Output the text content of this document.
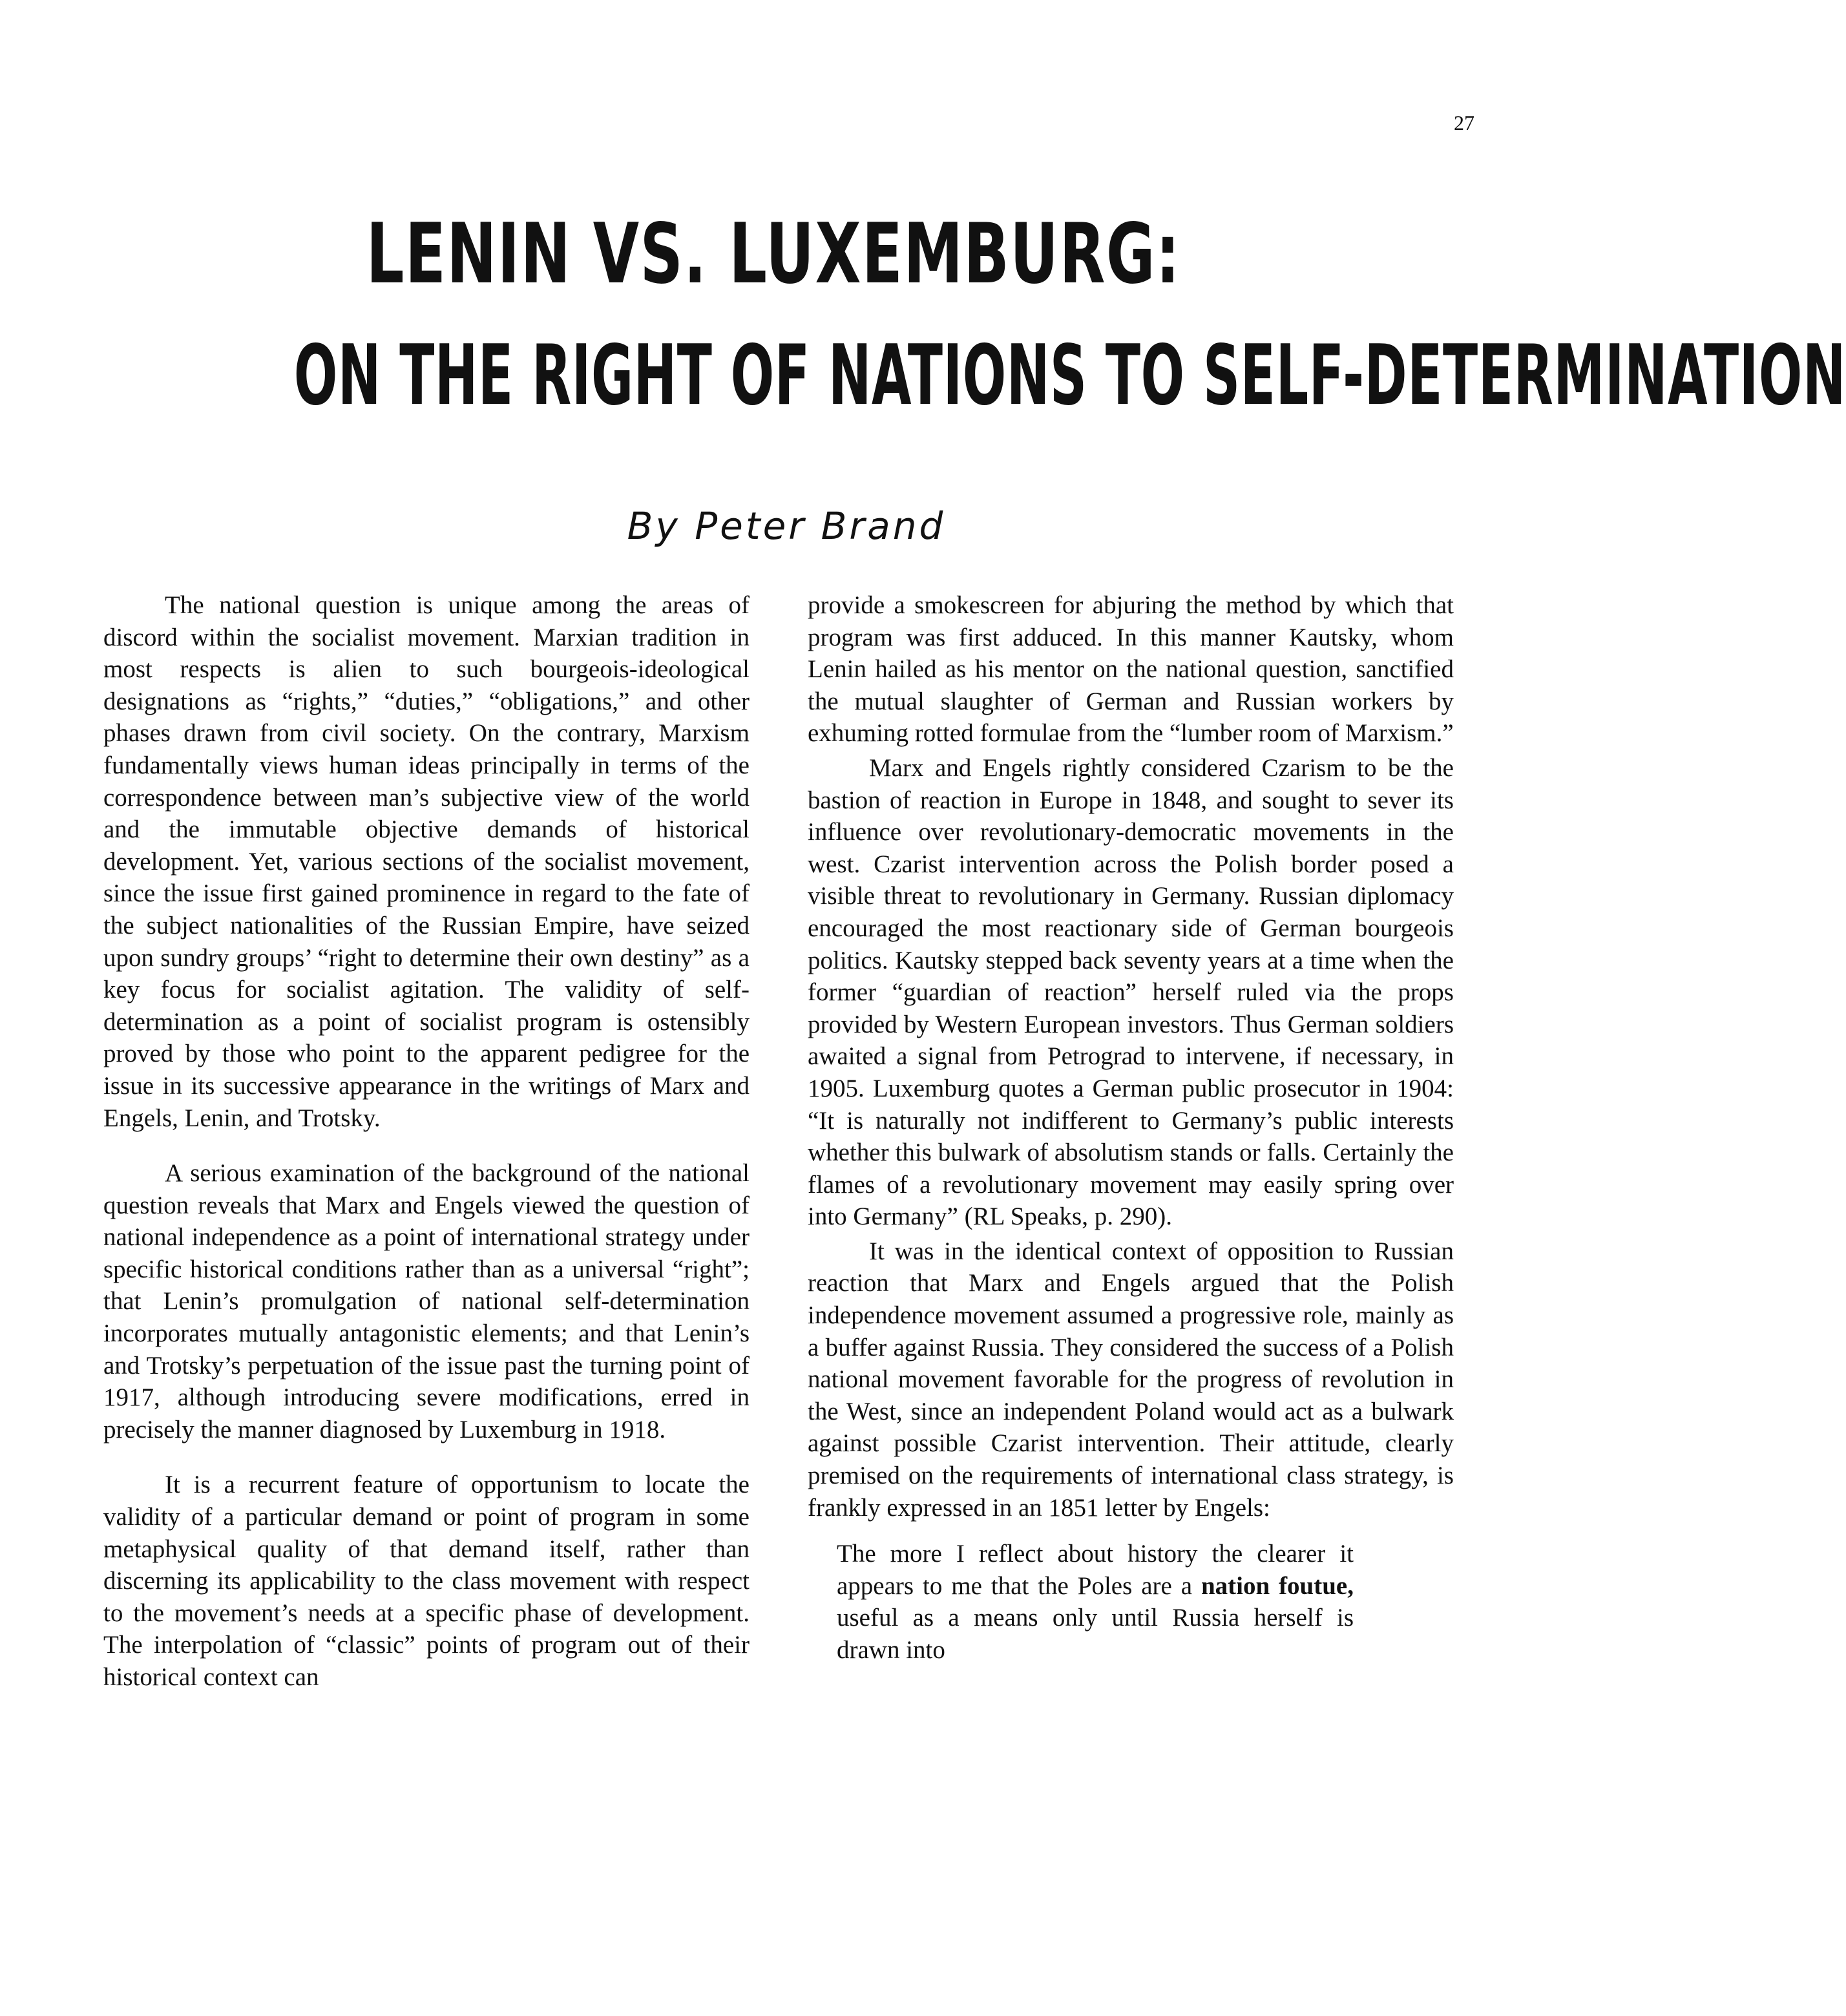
27

LENIN VS. LUXEMBURG:
ON THE RIGHT OF NATIONS TO SELF-DETERMINATION

By Peter Brand

The national question is unique among the areas of discord within the socialist movement. Marxian tradition in most respects is alien to such bourgeois-ideological designations as “rights,” “duties,” “obligations,” and other phases drawn from civil society. On the contrary, Marxism fundamentally views human ideas principally in terms of the correspondence between man’s subjective view of the world and the immutable objective demands of historical development. Yet, various sections of the socialist movement, since the issue first gained prominence in regard to the fate of the subject nationalities of the Russian Empire, have seized upon sundry groups’ “right to determine their own destiny” as a key focus for socialist agitation. The validity of self-determination as a point of socialist program is ostensibly proved by those who point to the apparent pedigree for the issue in its successive appearance in the writings of Marx and Engels, Lenin, and Trotsky.

A serious examination of the background of the national question reveals that Marx and Engels viewed the question of national independence as a point of international strategy under specific historical conditions rather than as a universal “right”; that Lenin’s promulgation of national self-determination incorporates mutually antagonistic elements; and that Lenin’s and Trotsky’s perpetuation of the issue past the turning point of 1917, although introducing severe modifications, erred in precisely the manner diagnosed by Luxemburg in 1918.

It is a recurrent feature of opportunism to locate the validity of a particular demand or point of program in some metaphysical quality of that demand itself, rather than discerning its applicability to the class movement with respect to the movement’s needs at a specific phase of development. The interpolation of “classic” points of program out of their historical context can

provide a smokescreen for abjuring the method by which that program was first adduced. In this manner Kautsky, whom Lenin hailed as his mentor on the national question, sanctified the mutual slaughter of German and Russian workers by exhuming rotted formulae from the “lumber room of Marxism.”

Marx and Engels rightly considered Czarism to be the bastion of reaction in Europe in 1848, and sought to sever its influence over revolutionary-democratic movements in the west. Czarist intervention across the Polish border posed a visible threat to revolutionary in Germany. Russian diplomacy encouraged the most reactionary side of German bourgeois politics. Kautsky stepped back seventy years at a time when the former “guardian of reaction” herself ruled via the props provided by Western European investors. Thus German soldiers awaited a signal from Petrograd to intervene, if necessary, in 1905. Luxemburg quotes a German public prosecutor in 1904: “It is naturally not indifferent to Germany’s public interests whether this bulwark of absolutism stands or falls. Certainly the flames of a revolutionary movement may easily spring over into Germany” (RL Speaks, p. 290).

It was in the identical context of opposition to Russian reaction that Marx and Engels argued that the Polish independence movement assumed a progressive role, mainly as a buffer against Russia. They considered the success of a Polish national movement favorable for the progress of revolution in the West, since an independent Poland would act as a bulwark against possible Czarist intervention. Their attitude, clearly premised on the requirements of international class strategy, is frankly expressed in an 1851 letter by Engels:

The more I reflect about history the clearer it appears to me that the Poles are a nation foutue, useful as a means only until Russia herself is drawn into
